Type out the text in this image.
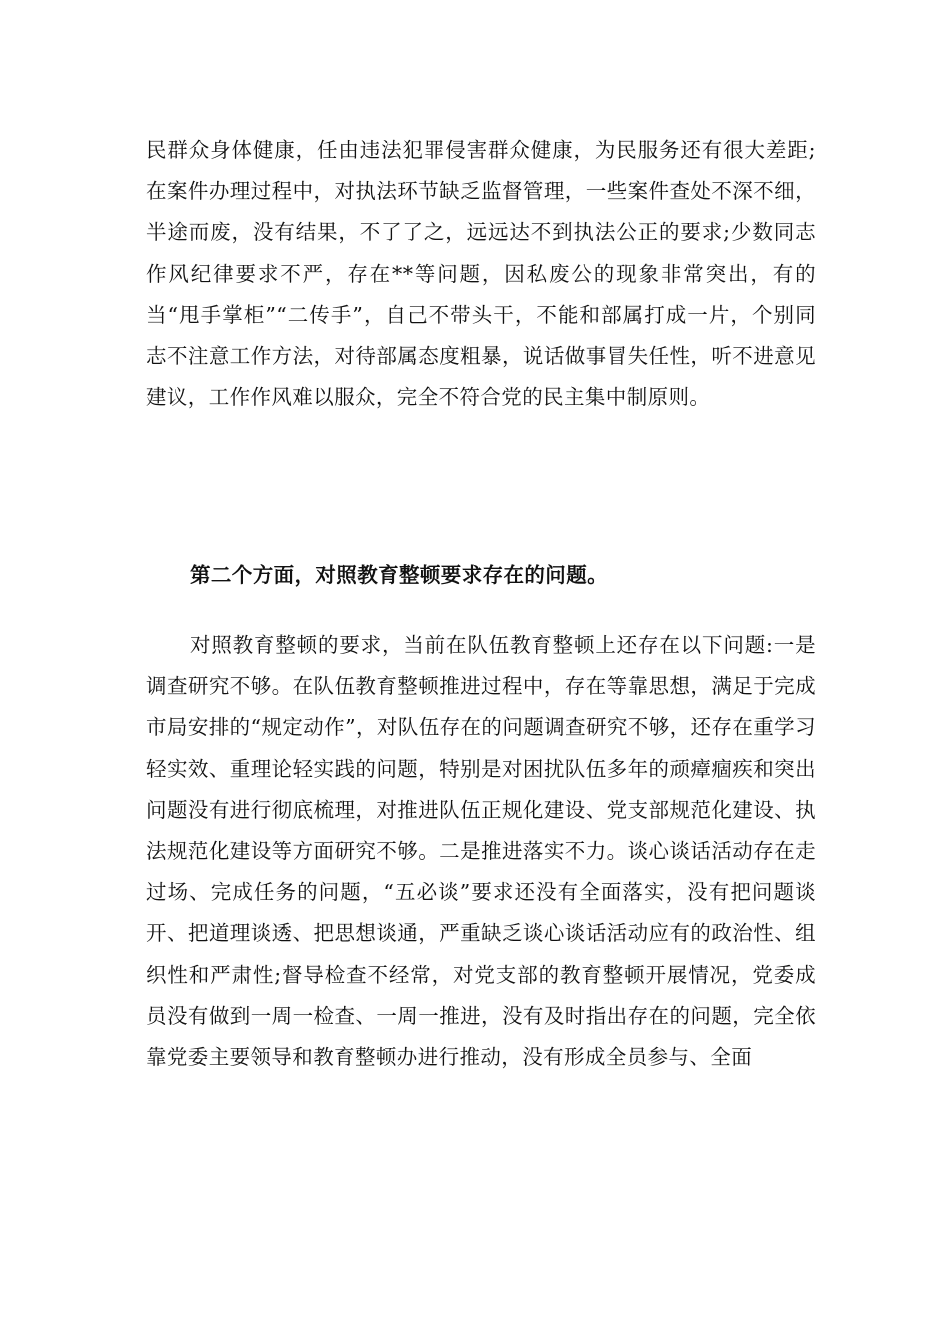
民群众身体健康，任由违法犯罪侵害群众健康，为民服务还有很大差距;在案件办理过程中，对执法环节缺乏监督管理，一些案件查处不深不细，半途而废，没有结果，不了了之，远远达不到执法公正的要求;少数同志作风纪律要求不严，存在**等问题，因私废公的现象非常突出，有的当“甩手掌柜”“二传手”，自己不带头干，不能和部属打成一片，个别同志不注意工作方法，对待部属态度粗暴，说话做事冒失任性，听不进意见建议，工作作风难以服众，完全不符合党的民主集中制原则。

第二个方面，对照教育整顿要求存在的问题。

对照教育整顿的要求，当前在队伍教育整顿上还存在以下问题:一是调查研究不够。在队伍教育整顿推进过程中，存在等靠思想，满足于完成市局安排的“规定动作”，对队伍存在的问题调查研究不够，还存在重学习轻实效、重理论轻实践的问题，特别是对困扰队伍多年的顽瘴痼疾和突出问题没有进行彻底梳理，对推进队伍正规化建设、党支部规范化建设、执法规范化建设等方面研究不够。二是推进落实不力。谈心谈话活动存在走过场、完成任务的问题，“五必谈”要求还没有全面落实，没有把问题谈开、把道理谈透、把思想谈通，严重缺乏谈心谈话活动应有的政治性、组织性和严肃性;督导检查不经常，对党支部的教育整顿开展情况，党委成员没有做到一周一检查、一周一推进，没有及时指出存在的问题，完全依靠党委主要领导和教育整顿办进行推动，没有形成全员参与、全面
